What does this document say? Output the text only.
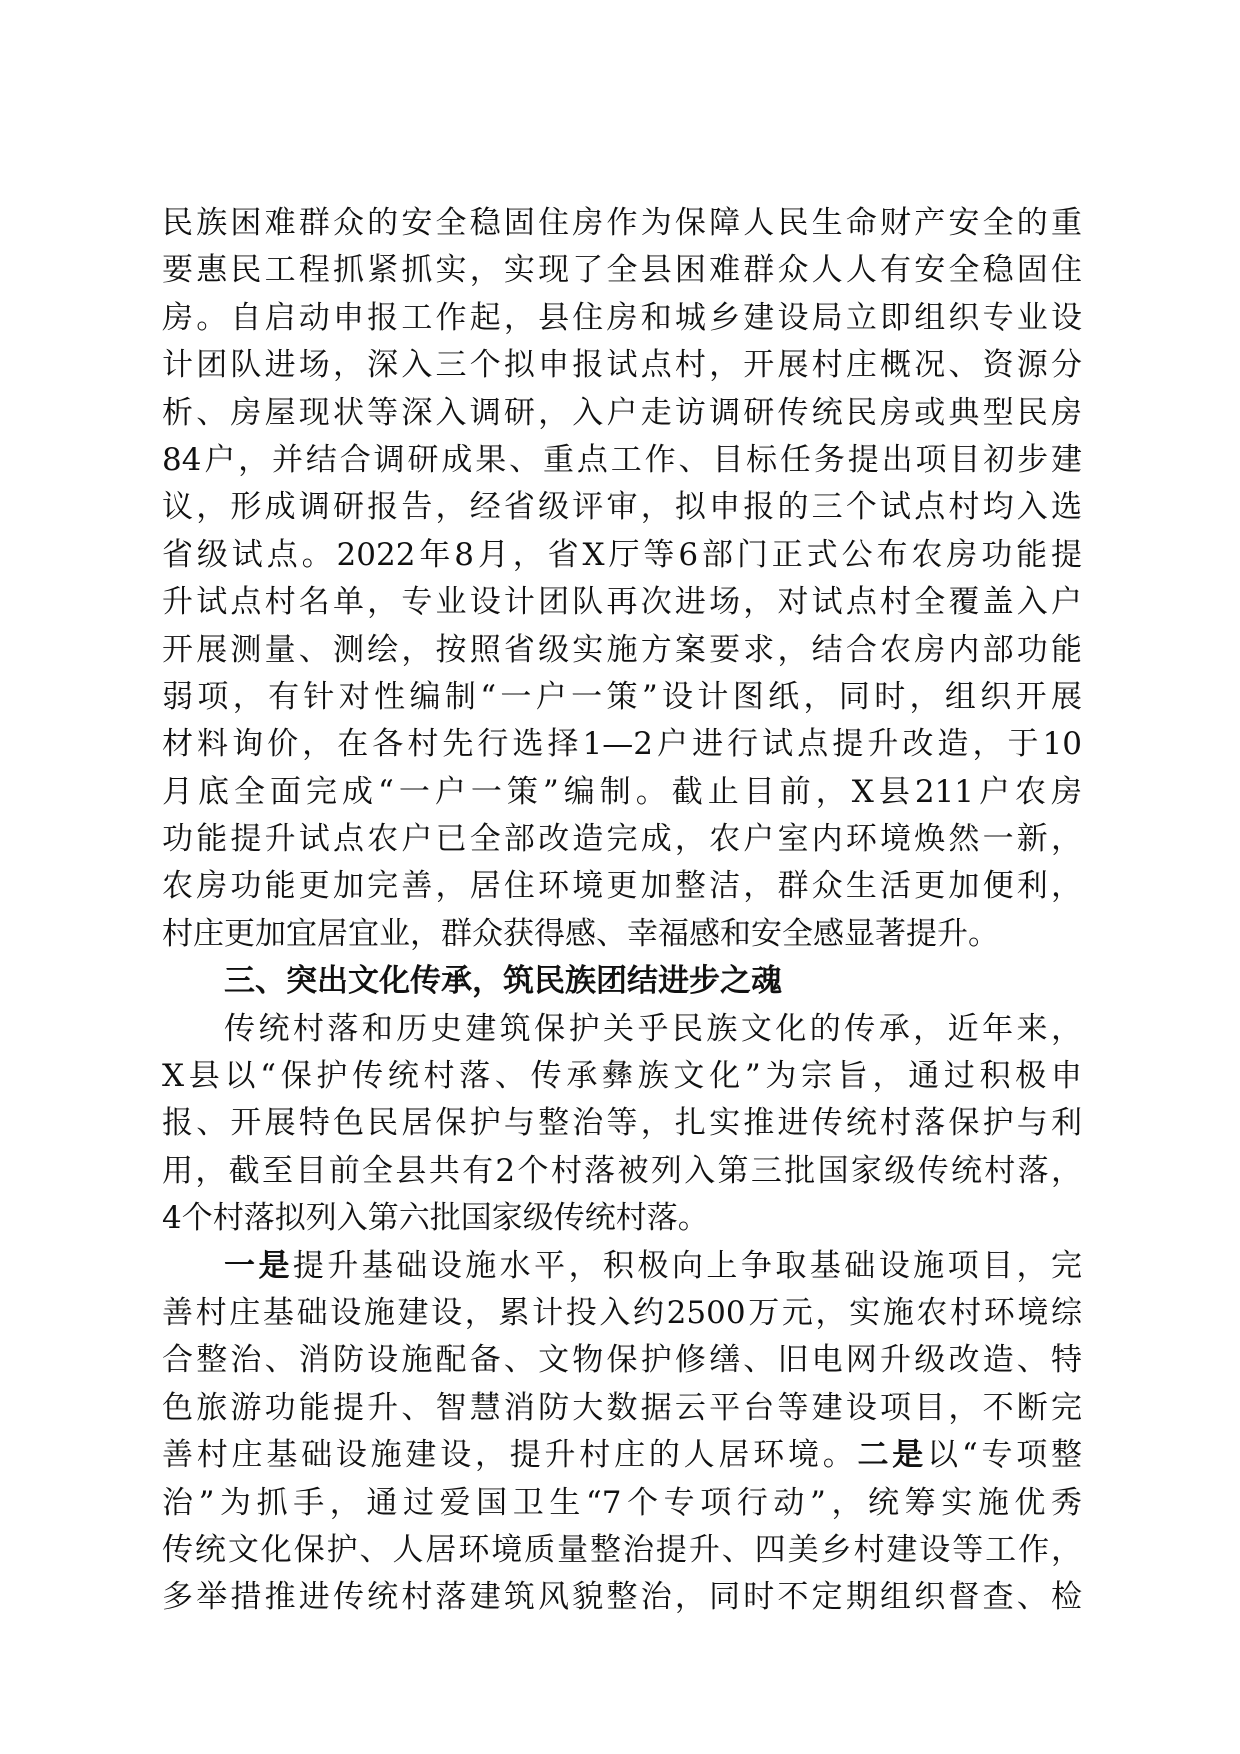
民族困难群众的安全稳固住房作为保障人民生命财产安全的重
要惠民工程抓紧抓实，实现了全县困难群众人人有安全稳固住
房。自启动申报工作起，县住房和城乡建设局立即组织专业设
计团队进场，深入三个拟申报试点村，开展村庄概况、资源分
析、房屋现状等深入调研，入户走访调研传统民房或典型民房
84户，并结合调研成果、重点工作、目标任务提出项目初步建
议，形成调研报告，经省级评审，拟申报的三个试点村均入选
省级试点。2022年8月，省X厅等6部门正式公布农房功能提
升试点村名单，专业设计团队再次进场，对试点村全覆盖入户
开展测量、测绘，按照省级实施方案要求，结合农房内部功能
弱项，有针对性编制“一户一策”设计图纸，同时，组织开展
材料询价，在各村先行选择1—2户进行试点提升改造，于10
月底全面完成“一户一策”编制。截止目前，X县211户农房
功能提升试点农户已全部改造完成，农户室内环境焕然一新，
农房功能更加完善，居住环境更加整洁，群众生活更加便利，
村庄更加宜居宜业，群众获得感、幸福感和安全感显著提升。
三、突出文化传承，筑民族团结进步之魂
传统村落和历史建筑保护关乎民族文化的传承，近年来，
X县以“保护传统村落、传承彝族文化”为宗旨，通过积极申
报、开展特色民居保护与整治等，扎实推进传统村落保护与利
用，截至目前全县共有2个村落被列入第三批国家级传统村落，
4个村落拟列入第六批国家级传统村落。
一是提升基础设施水平，积极向上争取基础设施项目，完
善村庄基础设施建设，累计投入约2500万元，实施农村环境综
合整治、消防设施配备、文物保护修缮、旧电网升级改造、特
色旅游功能提升、智慧消防大数据云平台等建设项目，不断完
善村庄基础设施建设，提升村庄的人居环境。二是以“专项整
治”为抓手，通过爱国卫生“7个专项行动”，统筹实施优秀
传统文化保护、人居环境质量整治提升、四美乡村建设等工作，
多举措推进传统村落建筑风貌整治，同时不定期组织督查、检
